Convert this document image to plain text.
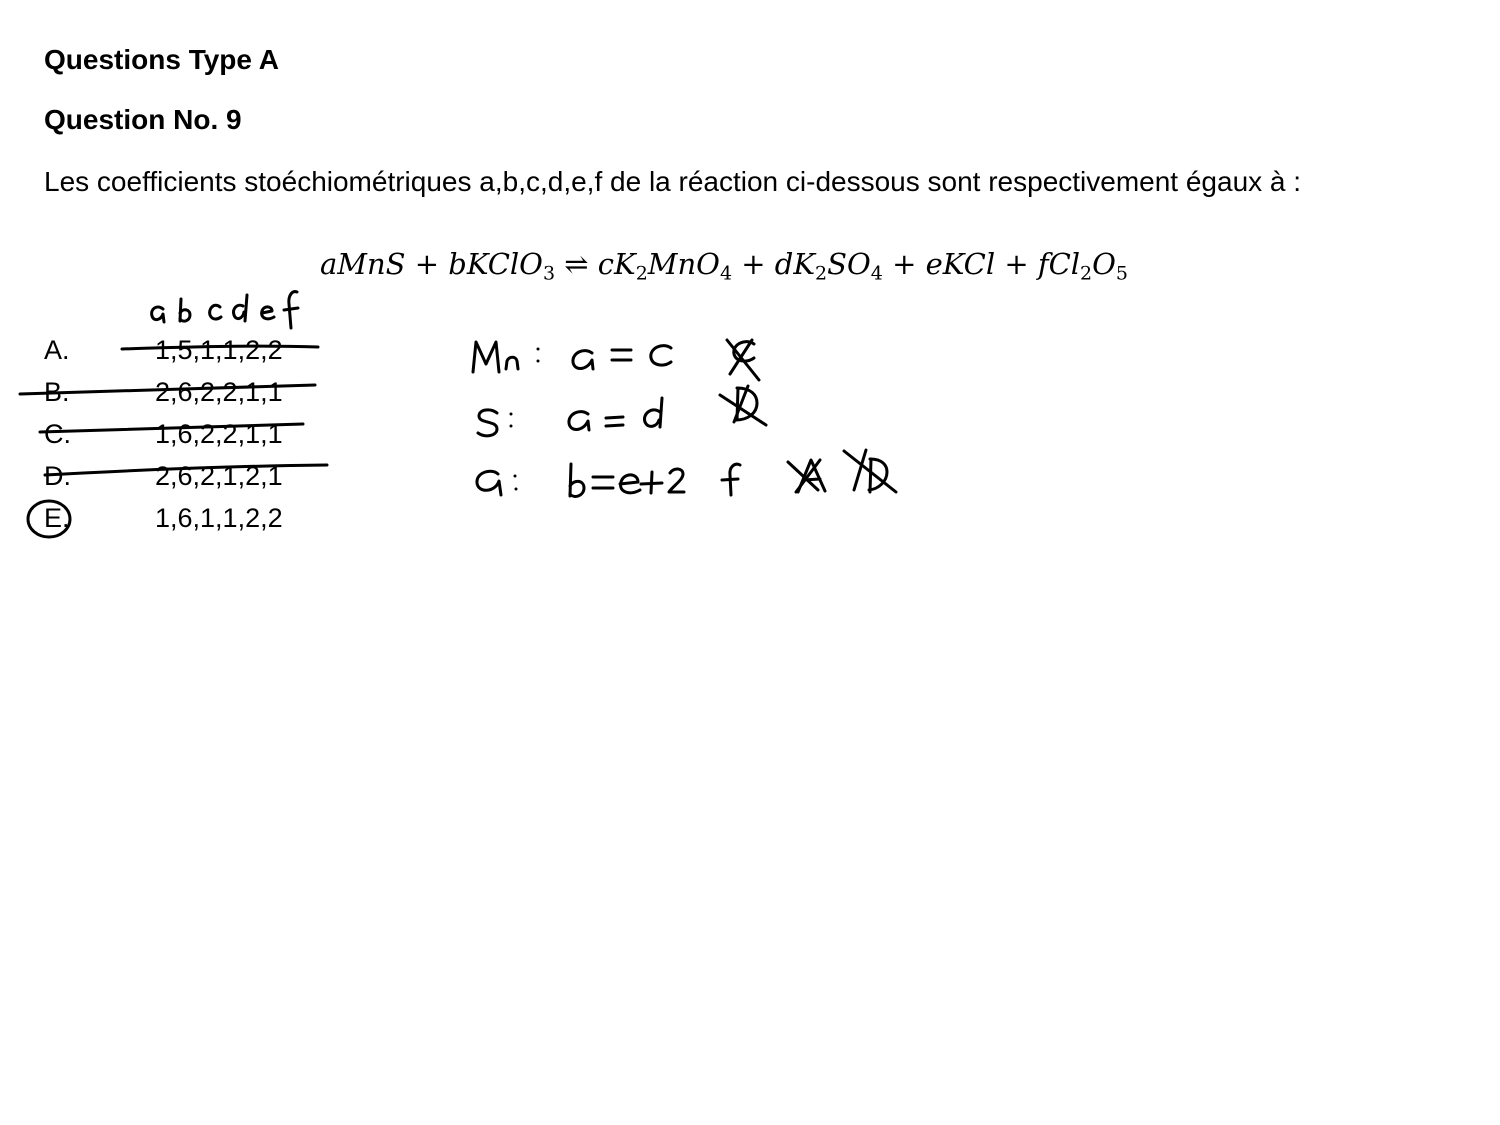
Questions Type A
Question No. 9
Les coefficients stoéchiométriques a,b,c,d,e,f de la réaction ci-dessous sont respectivement égaux à :
aMnS + bKClO$_3$ ⇌ $cK_2MnO_4 + dK_2SO_4$ + eKCl + $fCl_2O_5$
A.	1,5,1,1,2,2
B.	2,6,2,2,1,1
C.	1,6,2,2,1,1
D.	2,6,2,1,2,1
E.	1,6,1,1,2,2
